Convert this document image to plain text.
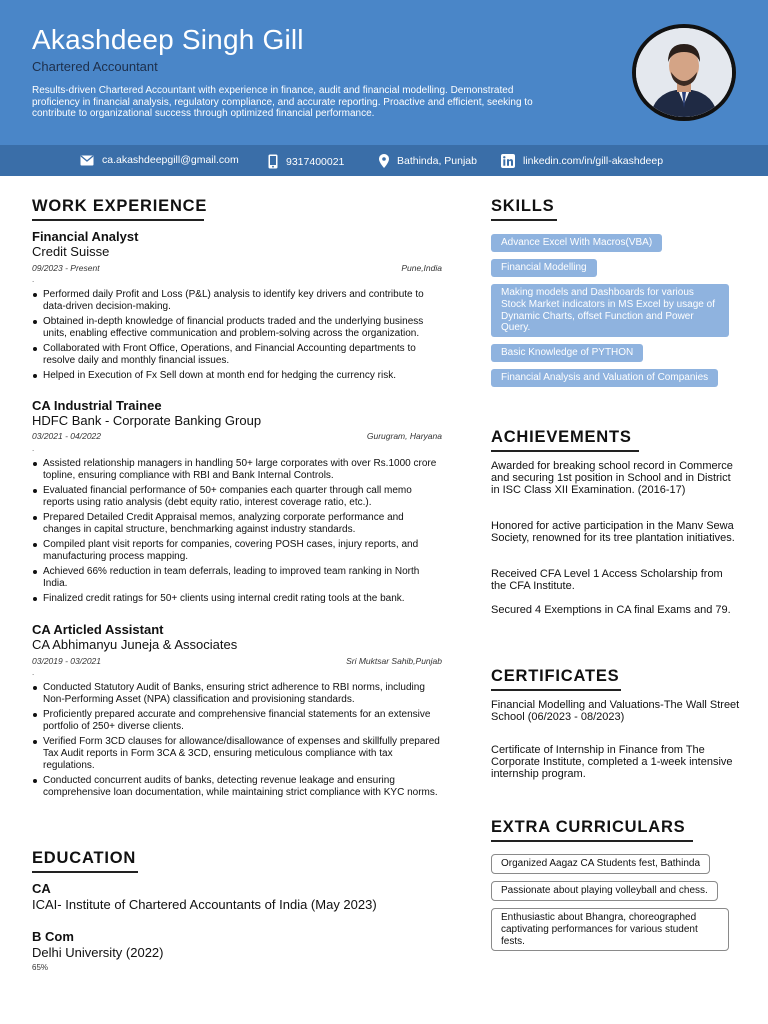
Akashdeep Singh Gill
Chartered Accountant
Results-driven Chartered Accountant with experience in finance, audit and financial modelling. Demonstrated proficiency in financial analysis, regulatory compliance, and accurate reporting. Proactive and efficient, seeking to contribute to organizational success through optimized financial performance.
ca.akashdeepgill@gmail.com	9317400021	Bathinda, Punjab	linkedin.com/in/gill-akashdeep
WORK EXPERIENCE
Financial Analyst
Credit Suisse
09/2023 - Present	Pune,India
.
Performed daily Profit and Loss (P&L) analysis to identify key drivers and contribute to data-driven decision-making.
Obtained in-depth knowledge of financial products traded and the underlying business units, enabling effective communication and problem-solving across the organization.
Collaborated with Front Office, Operations, and Financial Accounting departments to resolve daily and monthly financial issues.
Helped in Execution of Fx Sell down at month end for hedging the currency risk.
CA Industrial Trainee
HDFC Bank - Corporate Banking Group
03/2021 - 04/2022	Gurugram, Haryana
.
Assisted relationship managers in handling 50+ large corporates with over Rs.1000 crore topline, ensuring compliance with RBI and Bank Internal Controls.
Evaluated financial performance of 50+ companies each quarter through call memo reports using ratio analysis (debt equity ratio, interest coverage ratio, etc.).
Prepared Detailed Credit Appraisal memos, analyzing corporate performance and changes in capital structure, benchmarking against industry standards.
Compiled plant visit reports for companies, covering POSH cases, injury reports, and manufacturing process mapping.
Achieved 66% reduction in team deferrals, leading to improved team ranking in North India.
Finalized credit ratings for 50+ clients using internal credit rating tools at the bank.
CA Articled Assistant
CA Abhimanyu Juneja & Associates
03/2019 - 03/2021	Sri Muktsar Sahib,Punjab
.
Conducted Statutory Audit of Banks, ensuring strict adherence to RBI norms, including Non-Performing Asset (NPA) classification and provisioning standards.
Proficiently prepared accurate and comprehensive financial statements for an extensive portfolio of 250+ diverse clients.
Verified Form 3CD clauses for allowance/disallowance of expenses and skillfully prepared Tax Audit reports in Form 3CA & 3CD, ensuring meticulous compliance with tax regulations.
Conducted concurrent audits of banks, detecting revenue leakage and ensuring comprehensive loan documentation, while maintaining strict compliance with KYC norms.
EDUCATION
CA
ICAI- Institute of Chartered Accountants of India (May 2023)
B Com
Delhi University (2022)
65%
SKILLS
Advance Excel With Macros(VBA)
Financial Modelling
Making models and Dashboards for various Stock Market indicators in MS Excel by usage of Dynamic Charts, offset Function and Power Query.
Basic Knowledge of PYTHON
Financial Analysis and Valuation of Companies
ACHIEVEMENTS
Awarded for breaking school record in Commerce and securing 1st position in School and in District in ISC Class XII Examination. (2016-17)
Honored for active participation in the Manv Sewa Society, renowned for its tree plantation initiatives.
Received CFA Level 1 Access Scholarship from the CFA Institute.
Secured 4 Exemptions in CA final Exams and 79.
CERTIFICATES
Financial Modelling and Valuations-The Wall Street School (06/2023 - 08/2023)
Certificate of Internship in Finance from The Corporate Institute, completed a 1-week intensive internship program.
EXTRA CURRICULARS
Organized Aagaz CA Students fest, Bathinda
Passionate about playing volleyball and chess.
Enthusiastic about Bhangra, choreographed captivating performances for various student fests.
